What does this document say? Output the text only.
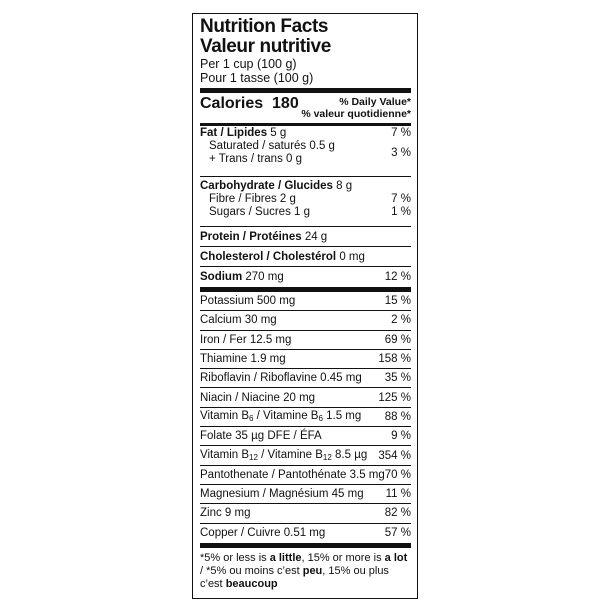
Nutrition Facts
Valeur nutritive
Per 1 cup (100 g)
Pour 1 tasse (100 g)
Calories 180	% Daily Value*
% valeur quotidienne*
Fat / Lipides 5 g	7 %
Saturated / saturés 0.5 g
+ Trans / trans 0 g	3 %
Carbohydrate / Glucides 8 g
Fibre / Fibres 2 g	7 %
Sugars / Sucres 1 g	1 %
Protein / Protéines 24 g
Cholesterol / Cholestérol 0 mg
Sodium 270 mg	12 %
Potassium 500 mg	15 %
Calcium 30 mg	2 %
Iron / Fer 12.5 mg	69 %
Thiamine 1.9 mg	158 %
Riboflavin / Riboflavine 0.45 mg 35 %
Niacin / Niacine 20 mg	125 %
Vitamin B6 / Vitamine B6 1.5 mg 88 %
Folate 35 µg DFE / ÉFA	9 %
Vitamin B12 / Vitamine B12 8.5 µg 354 %
Pantothenate / Pantothénate 3.5 mg 70 %
Magnesium / Magnésium 45 mg 11 %
Zinc 9 mg	82 %
Copper / Cuivre 0.51 mg	57 %
*5% or less is a little, 15% or more is a lot / *5% ou moins c’est peu, 15% ou plus c’est beaucoup
